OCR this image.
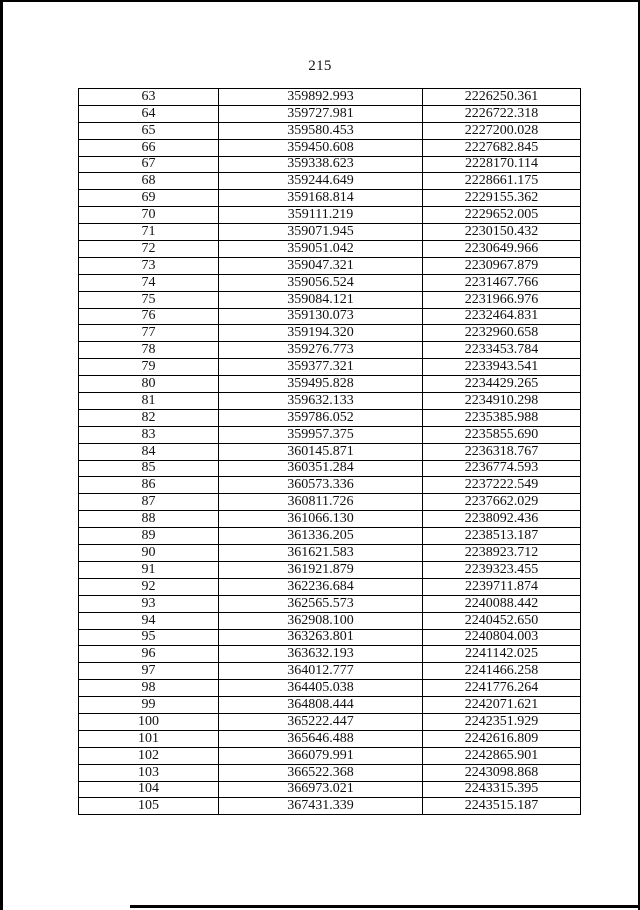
215
63	359892.993	2226250.361
64	359727.981	2226722.318
65	359580.453	2227200.028
66	359450.608	2227682.845
67	359338.623	2228170.114
68	359244.649	2228661.175
69	359168.814	2229155.362
70	359111.219	2229652.005
71	359071.945	2230150.432
72	359051.042	2230649.966
73	359047.321	2230967.879
74	359056.524	2231467.766
75	359084.121	2231966.976
76	359130.073	2232464.831
77	359194.320	2232960.658
78	359276.773	2233453.784
79	359377.321	2233943.541
80	359495.828	2234429.265
81	359632.133	2234910.298
82	359786.052	2235385.988
83	359957.375	2235855.690
84	360145.871	2236318.767
85	360351.284	2236774.593
86	360573.336	2237222.549
87	360811.726	2237662.029
88	361066.130	2238092.436
89	361336.205	2238513.187
90	361621.583	2238923.712
91	361921.879	2239323.455
92	362236.684	2239711.874
93	362565.573	2240088.442
94	362908.100	2240452.650
95	363263.801	2240804.003
96	363632.193	2241142.025
97	364012.777	2241466.258
98	364405.038	2241776.264
99	364808.444	2242071.621
100	365222.447	2242351.929
101	365646.488	2242616.809
102	366079.991	2242865.901
103	366522.368	2243098.868
104	366973.021	2243315.395
105	367431.339	2243515.187
